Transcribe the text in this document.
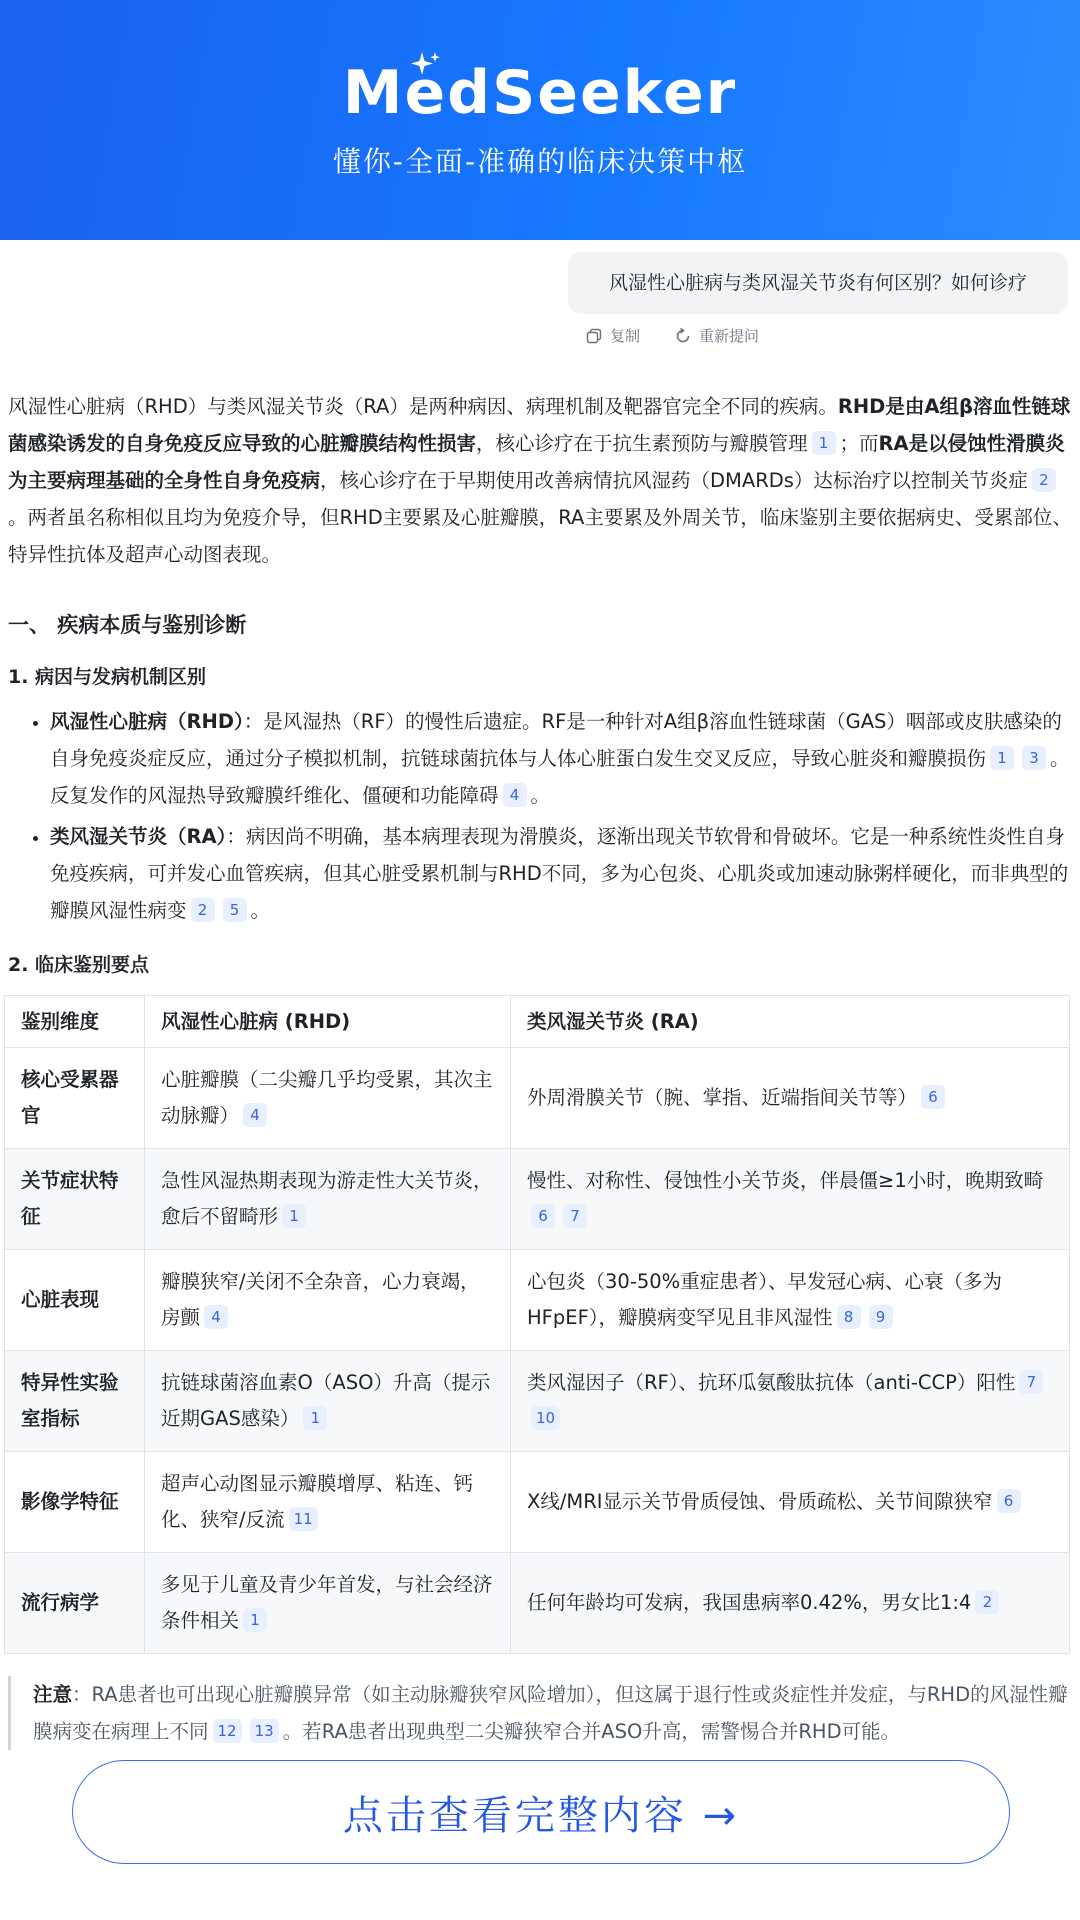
MedSeeker
懂你-全面-准确的临床决策中枢
风湿性心脏病与类风湿关节炎有何区别？如何诊疗
复制	重新提问

风湿性心脏病（RHD）与类风湿关节炎（RA）是两种病因、病理机制及靶器官完全不同的疾病。RHD是由A组β溶血性链球菌感染诱发的自身免疫反应导致的心脏瓣膜结构性损害，核心诊疗在于抗生素预防与瓣膜管理 1 ；而RA是以侵蚀性滑膜炎为主要病理基础的全身性自身免疫病，核心诊疗在于早期使用改善病情抗风湿药（DMARDs）达标治疗以控制关节炎症 2。两者虽名称相似且均为免疫介导，但RHD主要累及心脏瓣膜，RA主要累及外周关节，临床鉴别主要依据病史、受累部位、特异性抗体及超声心动图表现。

一、 疾病本质与鉴别诊断
1. 病因与发病机制区别
• 风湿性心脏病（RHD）：是风湿热（RF）的慢性后遗症。RF是一种针对A组β溶血性链球菌（GAS）咽部或皮肤感染的自身免疫炎症反应，通过分子模拟机制，抗链球菌抗体与人体心脏蛋白发生交叉反应，导致心脏炎和瓣膜损伤 1 3 。反复发作的风湿热导致瓣膜纤维化、僵硬和功能障碍 4 。
• 类风湿关节炎（RA）：病因尚不明确，基本病理表现为滑膜炎，逐渐出现关节软骨和骨破坏。它是一种系统性炎性自身免疫疾病，可并发心血管疾病，但其心脏受累机制与RHD不同，多为心包炎、心肌炎或加速动脉粥样硬化，而非典型的瓣膜风湿性病变 2 5 。
2. 临床鉴别要点
鉴别维度	风湿性心脏病 (RHD)	类风湿关节炎 (RA)
核心受累器官	心脏瓣膜（二尖瓣几乎均受累，其次主动脉瓣） 4	外周滑膜关节（腕、掌指、近端指间关节等） 6
关节症状特征	急性风湿热期表现为游走性大关节炎，愈后不留畸形 1	慢性、对称性、侵蚀性小关节炎，伴晨僵≥1小时，晚期致畸6 7
心脏表现	瓣膜狭窄/关闭不全杂音，心力衰竭，房颤 4	心包炎（30-50%重症患者）、早发冠心病、心衰（多为HFpEF），瓣膜病变罕见且非风湿性 8 9
特异性实验室指标	抗链球菌溶血素O（ASO）升高（提示近期GAS感染） 1	类风湿因子（RF）、抗环瓜氨酸肽抗体（anti-CCP）阳性 710
影像学特征	超声心动图显示瓣膜增厚、粘连、钙化、狭窄/反流 11	X线/MRI显示关节骨质侵蚀、骨质疏松、关节间隙狭窄 6
流行病学	多见于儿童及青少年首发，与社会经济条件相关 1	任何年龄均可发病，我国患病率0.42%，男女比1:4 2
注意：RA患者也可出现心脏瓣膜异常（如主动脉瓣狭窄风险增加），但这属于退行性或炎症性并发症，与RHD的风湿性瓣膜病变在病理上不同 12 13 。若RA患者出现典型二尖瓣狭窄合并ASO升高，需警惕合并RHD可能。
点击查看完整内容 →
